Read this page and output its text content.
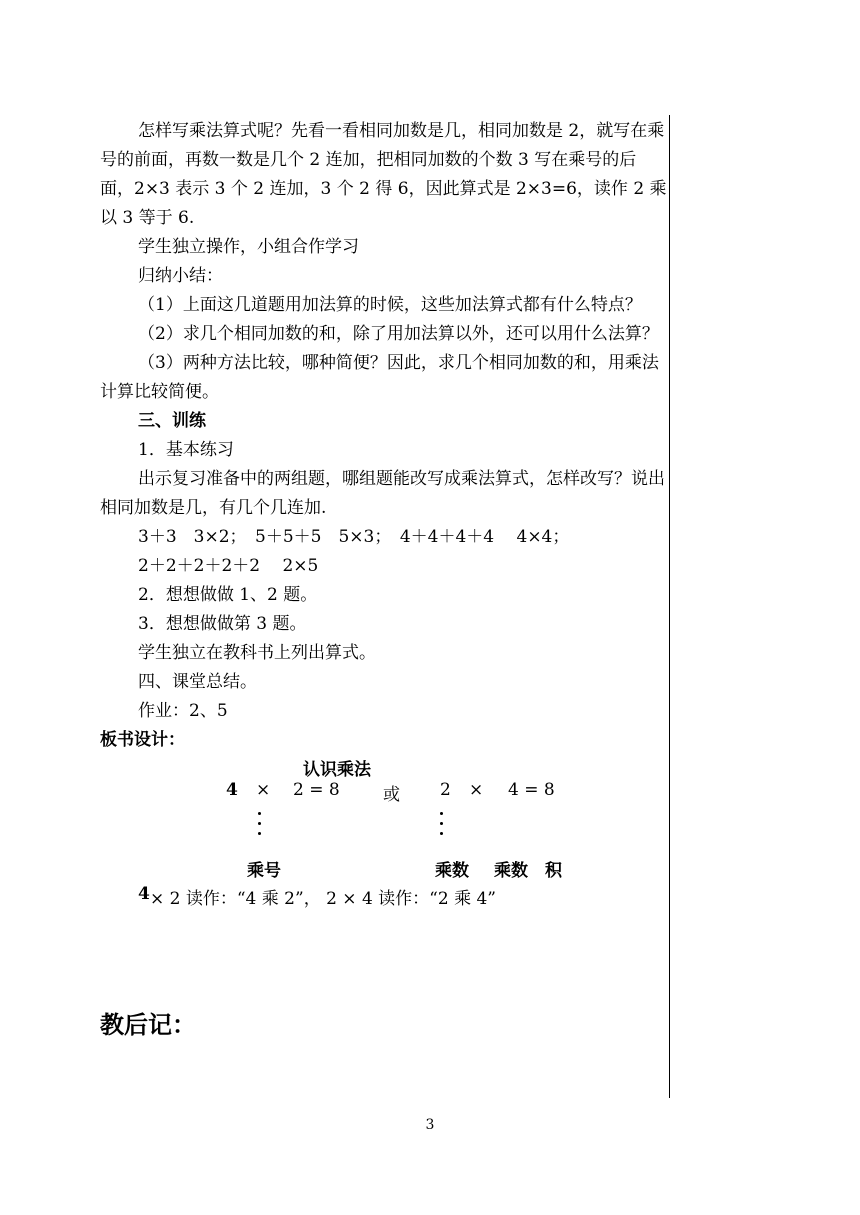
怎样写乘法算式呢？先看一看相同加数是几，相同加数是 2，就写在乘号的前面，再数一数是几个 2 连加，把相同加数的个数 3 写在乘号的后面，2×3 表示 3 个 2 连加，3 个 2 得 6，因此算式是 2×3=6，读作 2 乘以 3 等于 6.

学生独立操作，小组合作学习

归纳小结：

（1）上面这几道题用加法算的时候，这些加法算式都有什么特点？

（2）求几个相同加数的和，除了用加法算以外，还可以用什么法算？

（3）两种方法比较，哪种简便？因此，求几个相同加数的和，用乘法计算比较简便。

三、训练

1．基本练习

出示复习准备中的两组题，哪组题能改写成乘法算式，怎样改写？说出相同加数是几，有几个几连加.

3＋3　3×2；　5＋5＋5　5×3；　4＋4＋4＋4　 4×4；
2＋2＋2＋2＋2　 2×5

2．想想做做 1、2 题。

3．想想做做第 3 题。

学生独立在教科书上列出算式。

四、课堂总结。

作业：2、5

板书设计：

认识乘法
4 × 2 = 8	或 2 × 4 = 8
乘号	乘数 乘数 积
4 × 2 读作：“4 乘 2”， 2 × 4 读作：“2 乘 4”
教后记：
3
